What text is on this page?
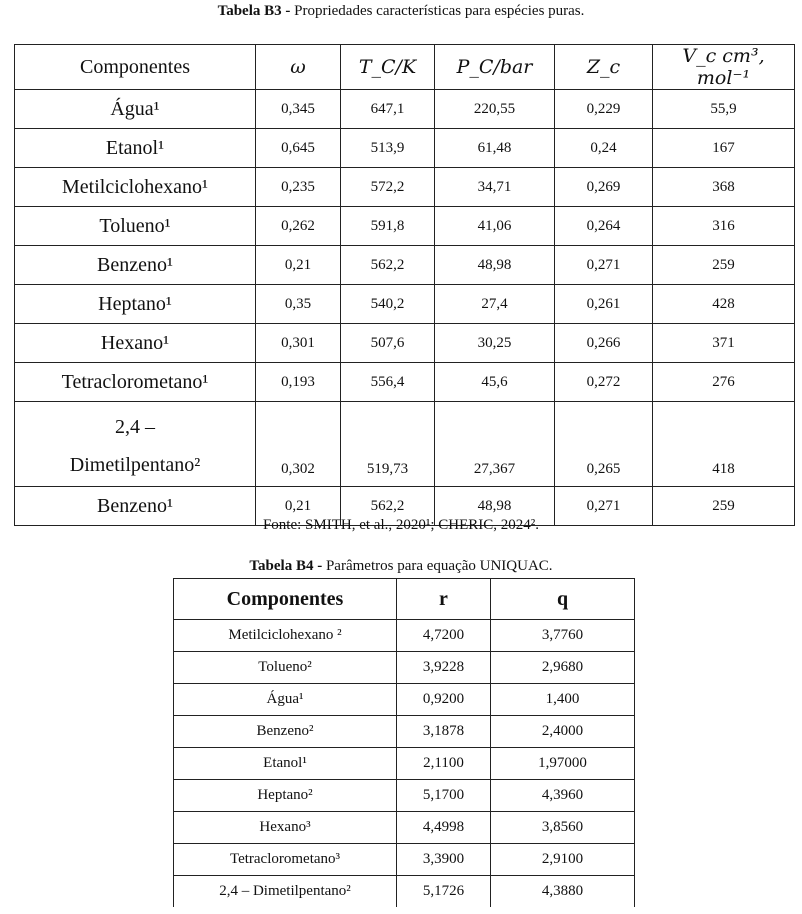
Tabela B3 - Propriedades características para espécies puras.
Componentes	ω	T_C/K	P_C/bar	Z_c	V_c cm³, mol⁻¹
Água¹	0,345	647,1	220,55	0,229	55,9
Etanol¹	0,645	513,9	61,48	0,24	167
Metilciclohexano¹	0,235	572,2	34,71	0,269	368
Tolueno¹	0,262	591,8	41,06	0,264	316
Benzeno¹	0,21	562,2	48,98	0,271	259
Heptano¹	0,35	540,2	27,4	0,261	428
Hexano¹	0,301	507,6	30,25	0,266	371
Tetraclorometano¹	0,193	556,4	45,6	0,272	276
2,4 –
Dimetilpentano²	0,302	519,73	27,367	0,265	418
Benzeno¹	0,21	562,2	48,98	0,271	259
Fonte: SMITH, et al., 2020¹; CHERIC, 2024².
Tabela B4 - Parâmetros para equação UNIQUAC.
Componentes	r	q
Metilciclohexano ²	4,7200	3,7760
Tolueno²	3,9228	2,9680
Água¹	0,9200	1,400
Benzeno²	3,1878	2,4000
Etanol¹	2,1100	1,97000
Heptano²	5,1700	4,3960
Hexano³	4,4998	3,8560
Tetraclorometano³	3,3900	2,9100
2,4 – Dimetilpentano²	5,1726	4,3880
